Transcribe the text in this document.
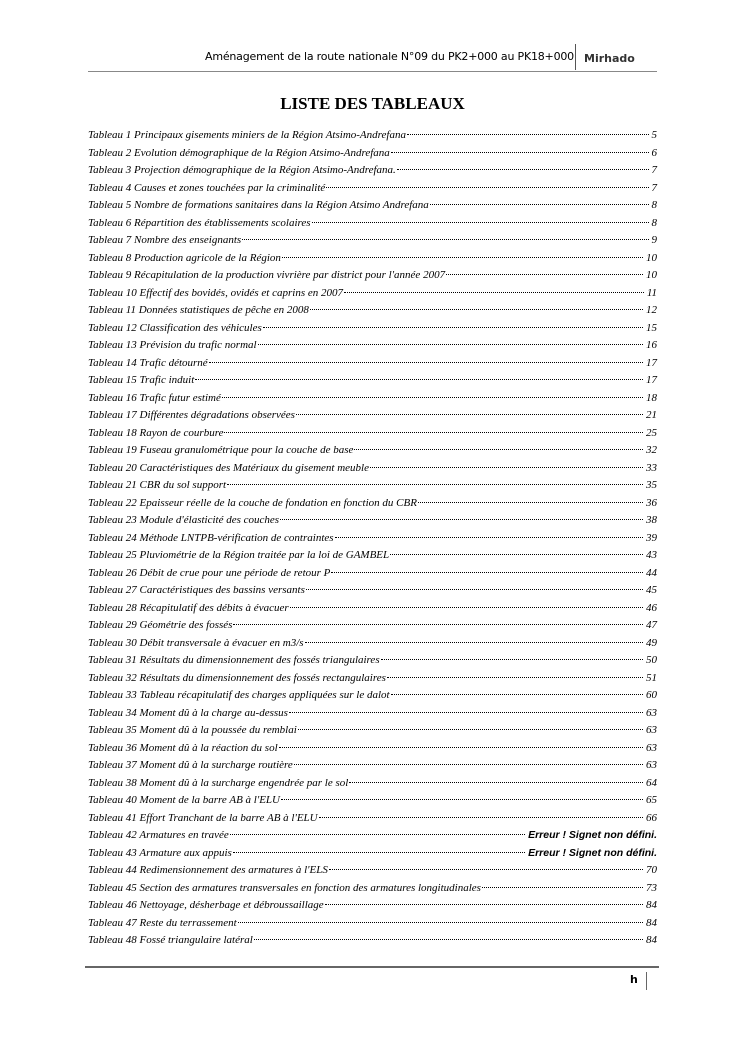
Aménagement de la route nationale N°09 du PK2+000 au PK18+000 Mirhado
LISTE DES TABLEAUX
Tableau 1 Principaux gisements miniers de la Région Atsimo-Andrefana	5
Tableau 2 Evolution démographique de la Région Atsimo-Andrefana	6
Tableau 3 Projection démographique de la Région Atsimo-Andrefana.	7
Tableau 4 Causes et zones touchées par la criminalité	7
Tableau 5 Nombre de formations sanitaires dans la Région Atsimo Andrefana	8
Tableau 6 Répartition des établissements scolaires	8
Tableau 7 Nombre des enseignants	9
Tableau 8 Production agricole de la Région	10
Tableau 9 Récapitulation de la production vivrière par district pour l'année 2007	10
Tableau 10 Effectif des bovidés, ovidés et caprins en 2007	11
Tableau 11 Données statistiques de pêche en 2008	12
Tableau 12 Classification des véhicules	15
Tableau 13 Prévision du trafic normal	16
Tableau 14 Trafic détourné	17
Tableau 15 Trafic induit	17
Tableau 16 Trafic futur estimé	18
Tableau 17 Différentes dégradations observées	21
Tableau 18 Rayon de courbure	25
Tableau 19 Fuseau granulométrique pour la couche de base	32
Tableau 20 Caractéristiques des Matériaux du gisement meuble	33
Tableau 21 CBR du sol support	35
Tableau 22 Epaisseur réelle de la couche de fondation en fonction du CBR	36
Tableau 23 Module d'élasticité des couches	38
Tableau 24 Méthode LNTPB-vérification de contraintes	39
Tableau 25 Pluviométrie de la Région traitée par la loi de GAMBEL	43
Tableau 26 Débit de crue pour une période de retour P	44
Tableau 27 Caractéristiques des bassins versants	45
Tableau 28 Récapitulatif des débits à évacuer	46
Tableau 29 Géométrie des fossés	47
Tableau 30 Débit transversale à évacuer en m3/s	49
Tableau 31 Résultats du dimensionnement des fossés triangulaires	50
Tableau 32 Résultats du dimensionnement des fossés rectangulaires	51
Tableau 33 Tableau récapitulatif des charges appliquées sur le dalot	60
Tableau 34 Moment dû à la charge au-dessus	63
Tableau 35 Moment dû à la poussée du remblai	63
Tableau 36 Moment dû à la réaction du sol	63
Tableau 37 Moment dû à la surcharge routière	63
Tableau 38 Moment dû à la surcharge engendrée par le sol	64
Tableau 40 Moment de la barre AB à l'ELU	65
Tableau 41 Effort Tranchant de la barre AB à l'ELU	66
Tableau 42 Armatures en travée	Erreur ! Signet non défini.
Tableau 43 Armature aux appuis	Erreur ! Signet non défini.
Tableau 44 Redimensionnement des armatures à l'ELS	70
Tableau 45 Section des armatures transversales en fonction des armatures longitudinales	73
Tableau 46 Nettoyage, désherbage et débroussaillage	84
Tableau 47 Reste du terrassement	84
Tableau 48 Fossé triangulaire latéral	84
h
